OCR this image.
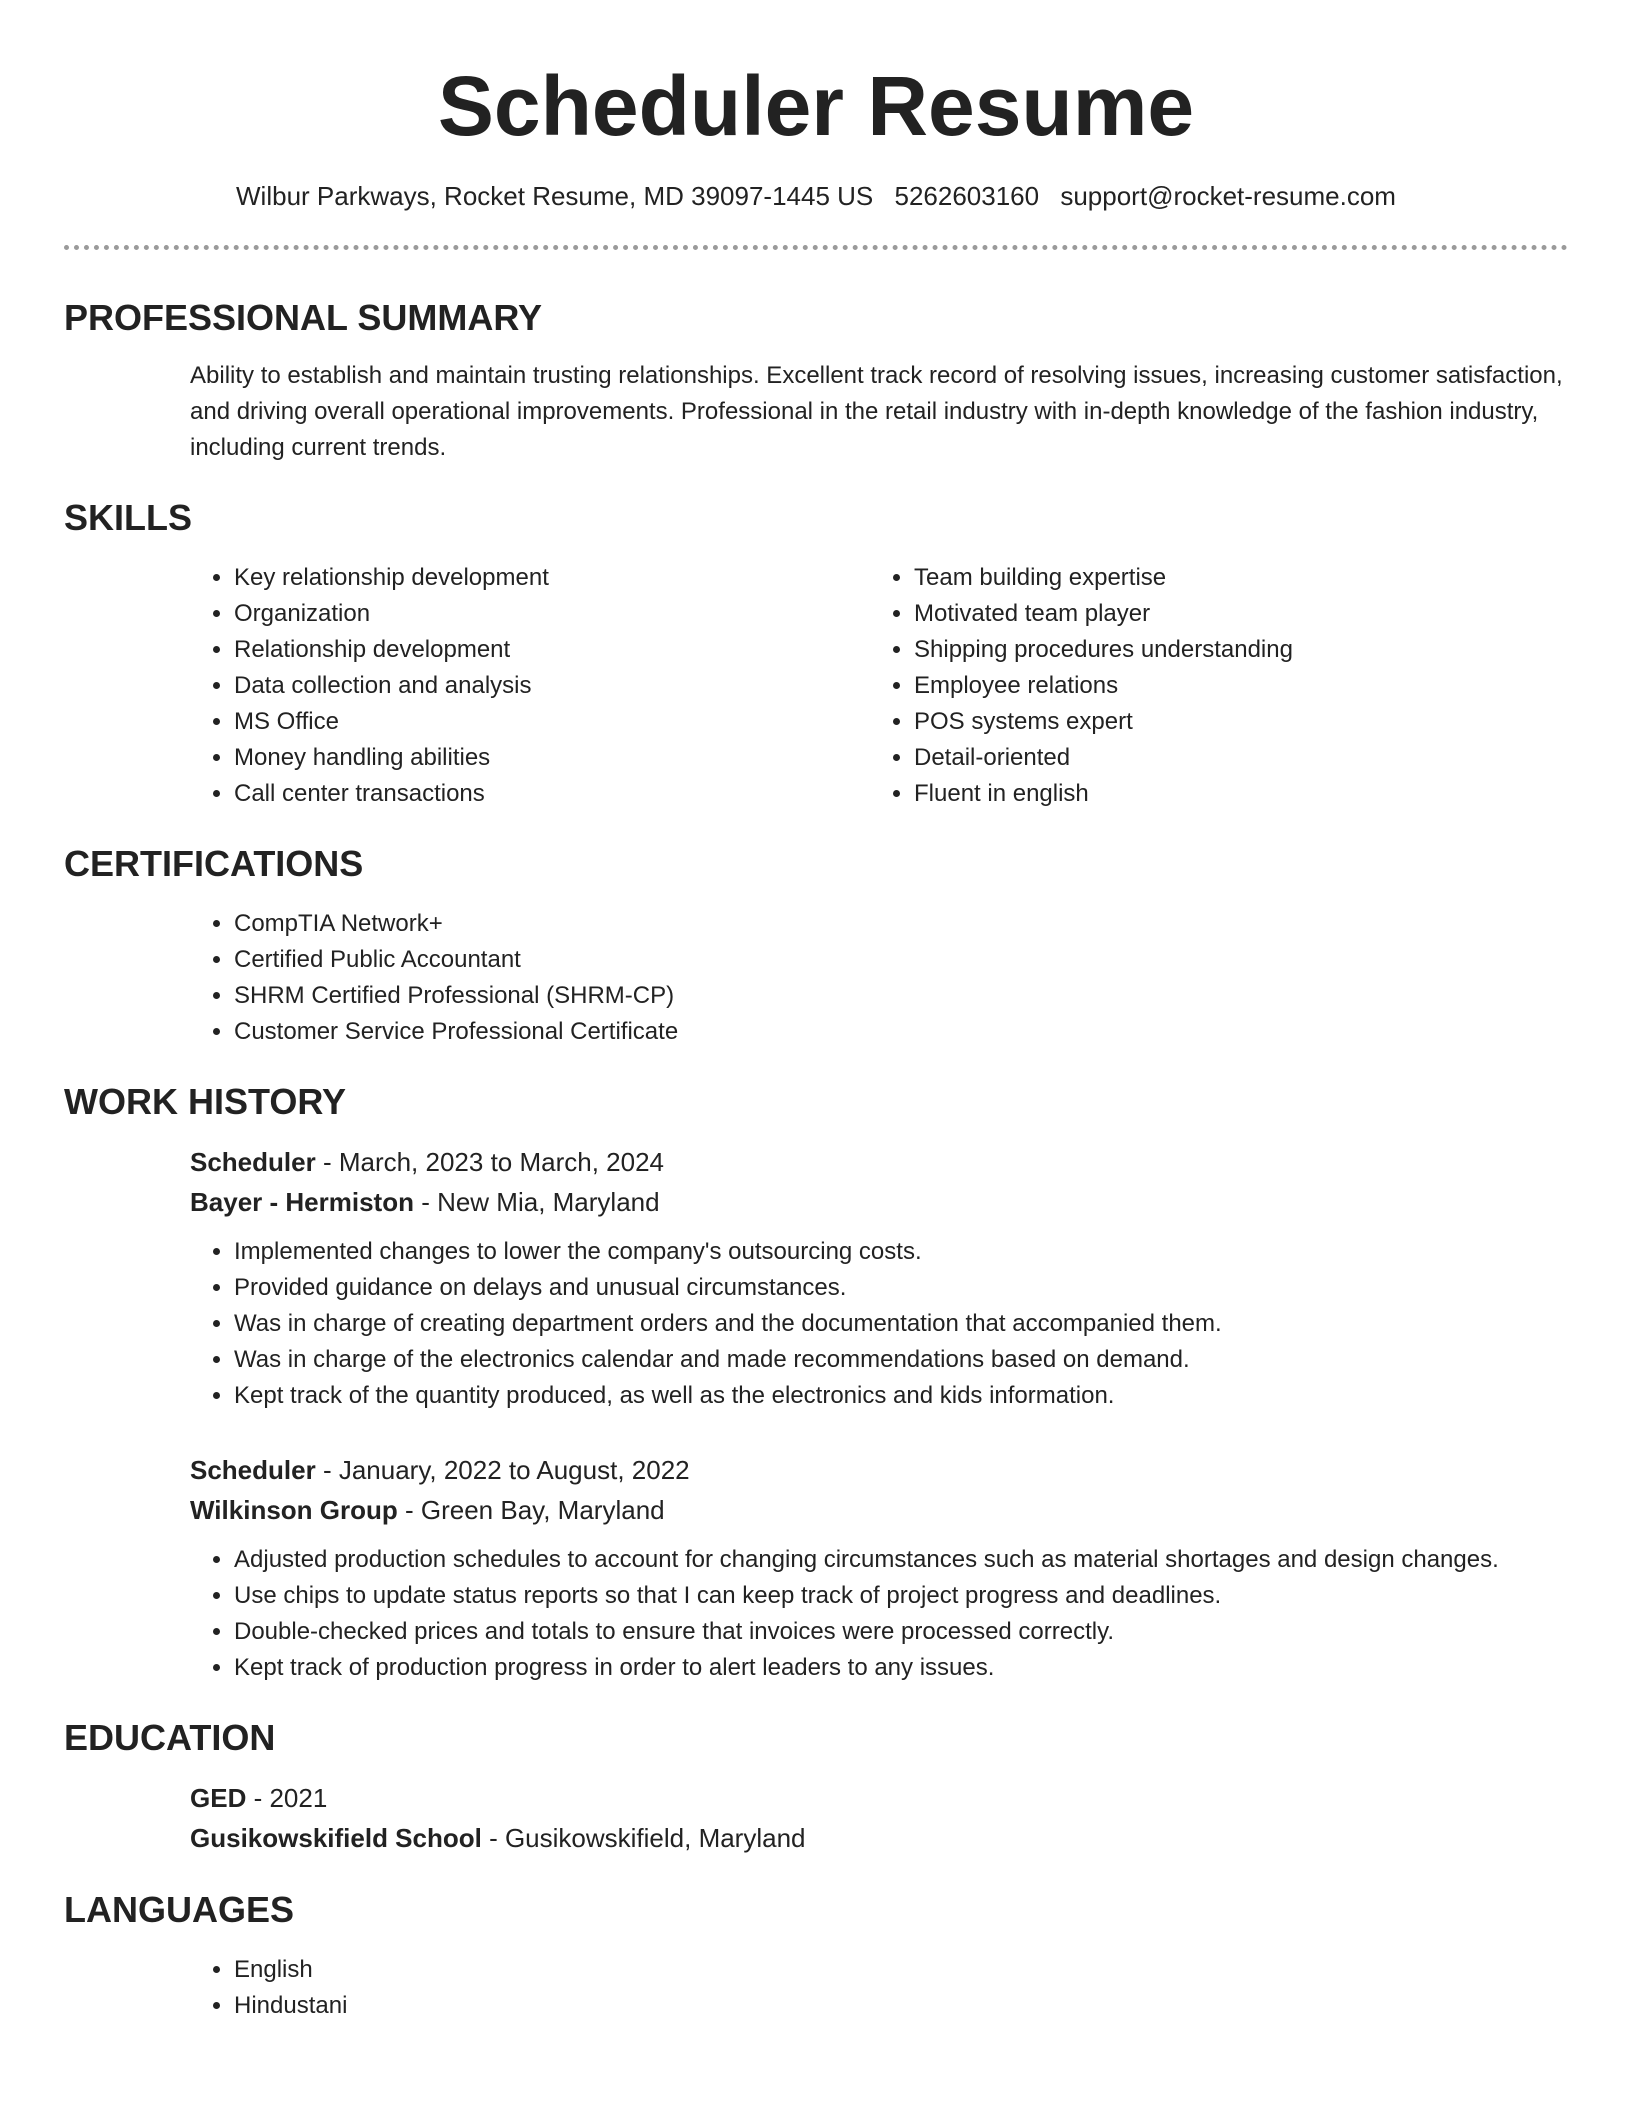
Scheduler Resume
Wilbur Parkways, Rocket Resume, MD 39097-1445 US 5262603160 support@rocket-resume.com
PROFESSIONAL SUMMARY
Ability to establish and maintain trusting relationships. Excellent track record of resolving issues, increasing customer satisfaction, and driving overall operational improvements. Professional in the retail industry with in-depth knowledge of the fashion industry, including current trends.
SKILLS
• Key relationship development
• Organization
• Relationship development
• Data collection and analysis
• MS Office
• Money handling abilities
• Call center transactions
• Team building expertise
• Motivated team player
• Shipping procedures understanding
• Employee relations
• POS systems expert
• Detail-oriented
• Fluent in english
CERTIFICATIONS
• CompTIA Network+
• Certified Public Accountant
• SHRM Certified Professional (SHRM-CP)
• Customer Service Professional Certificate
WORK HISTORY
Scheduler - March, 2023 to March, 2024
Bayer - Hermiston - New Mia, Maryland
• Implemented changes to lower the company's outsourcing costs.
• Provided guidance on delays and unusual circumstances.
• Was in charge of creating department orders and the documentation that accompanied them.
• Was in charge of the electronics calendar and made recommendations based on demand.
• Kept track of the quantity produced, as well as the electronics and kids information.
Scheduler - January, 2022 to August, 2022
Wilkinson Group - Green Bay, Maryland
• Adjusted production schedules to account for changing circumstances such as material shortages and design changes.
• Use chips to update status reports so that I can keep track of project progress and deadlines.
• Double-checked prices and totals to ensure that invoices were processed correctly.
• Kept track of production progress in order to alert leaders to any issues.
EDUCATION
GED - 2021
Gusikowskifield School - Gusikowskifield, Maryland
LANGUAGES
• English
• Hindustani
